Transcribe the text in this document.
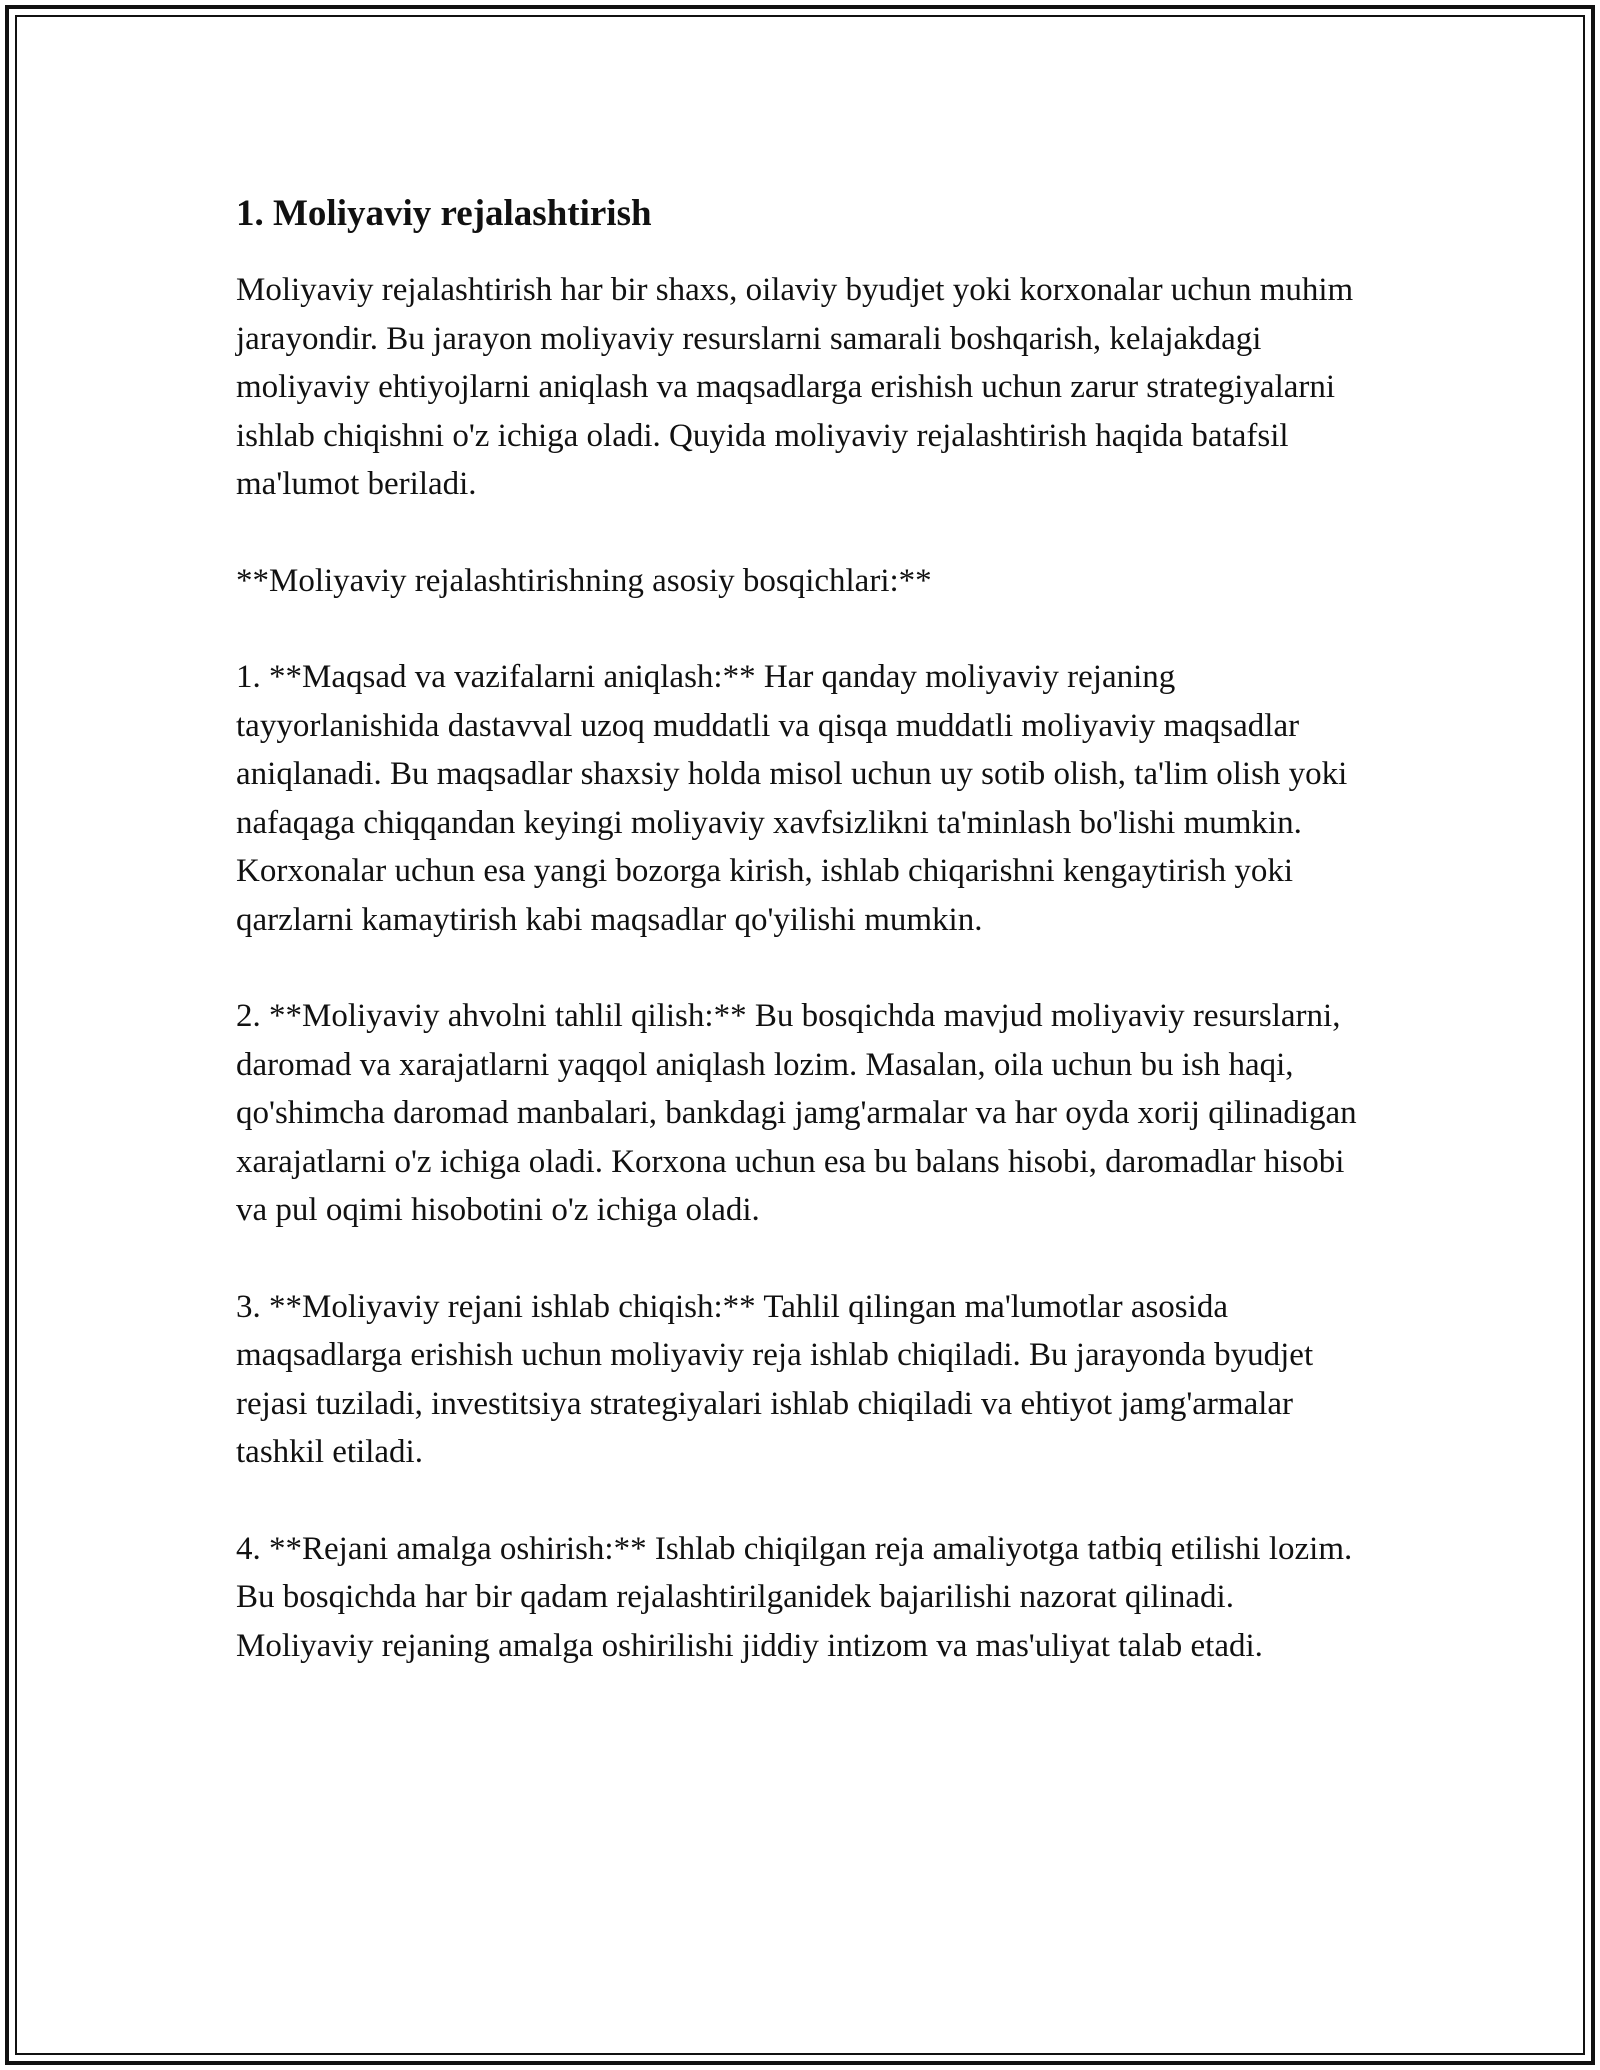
1. Moliyaviy rejalashtirish

Moliyaviy rejalashtirish har bir shaxs, oilaviy byudjet yoki korxonalar uchun muhim jarayondir. Bu jarayon moliyaviy resurslarni samarali boshqarish, kelajakdagi moliyaviy ehtiyojlarni aniqlash va maqsadlarga erishish uchun zarur strategiyalarni ishlab chiqishni o'z ichiga oladi. Quyida moliyaviy rejalashtirish haqida batafsil ma'lumot beriladi.

**Moliyaviy rejalashtirishning asosiy bosqichlari:**

1. **Maqsad va vazifalarni aniqlash:** Har qanday moliyaviy rejaning tayyorlanishida dastavval uzoq muddatli va qisqa muddatli moliyaviy maqsadlar aniqlanadi. Bu maqsadlar shaxsiy holda misol uchun uy sotib olish, ta'lim olish yoki nafaqaga chiqqandan keyingi moliyaviy xavfsizlikni ta'minlash bo'lishi mumkin. Korxonalar uchun esa yangi bozorga kirish, ishlab chiqarishni kengaytirish yoki qarzlarni kamaytirish kabi maqsadlar qo'yilishi mumkin.

2. **Moliyaviy ahvolni tahlil qilish:** Bu bosqichda mavjud moliyaviy resurslarni, daromad va xarajatlarni yaqqol aniqlash lozim. Masalan, oila uchun bu ish haqi, qo'shimcha daromad manbalari, bankdagi jamg'armalar va har oyda xorij qilinadigan xarajatlarni o'z ichiga oladi. Korxona uchun esa bu balans hisobi, daromadlar hisobi va pul oqimi hisobotini o'z ichiga oladi.

3. **Moliyaviy rejani ishlab chiqish:** Tahlil qilingan ma'lumotlar asosida maqsadlarga erishish uchun moliyaviy reja ishlab chiqiladi. Bu jarayonda byudjet rejasi tuziladi, investitsiya strategiyalari ishlab chiqiladi va ehtiyot jamg'armalar tashkil etiladi.

4. **Rejani amalga oshirish:** Ishlab chiqilgan reja amaliyotga tatbiq etilishi lozim. Bu bosqichda har bir qadam rejalashtirilganidek bajarilishi nazorat qilinadi. Moliyaviy rejaning amalga oshirilishi jiddiy intizom va mas'uliyat talab etadi.
